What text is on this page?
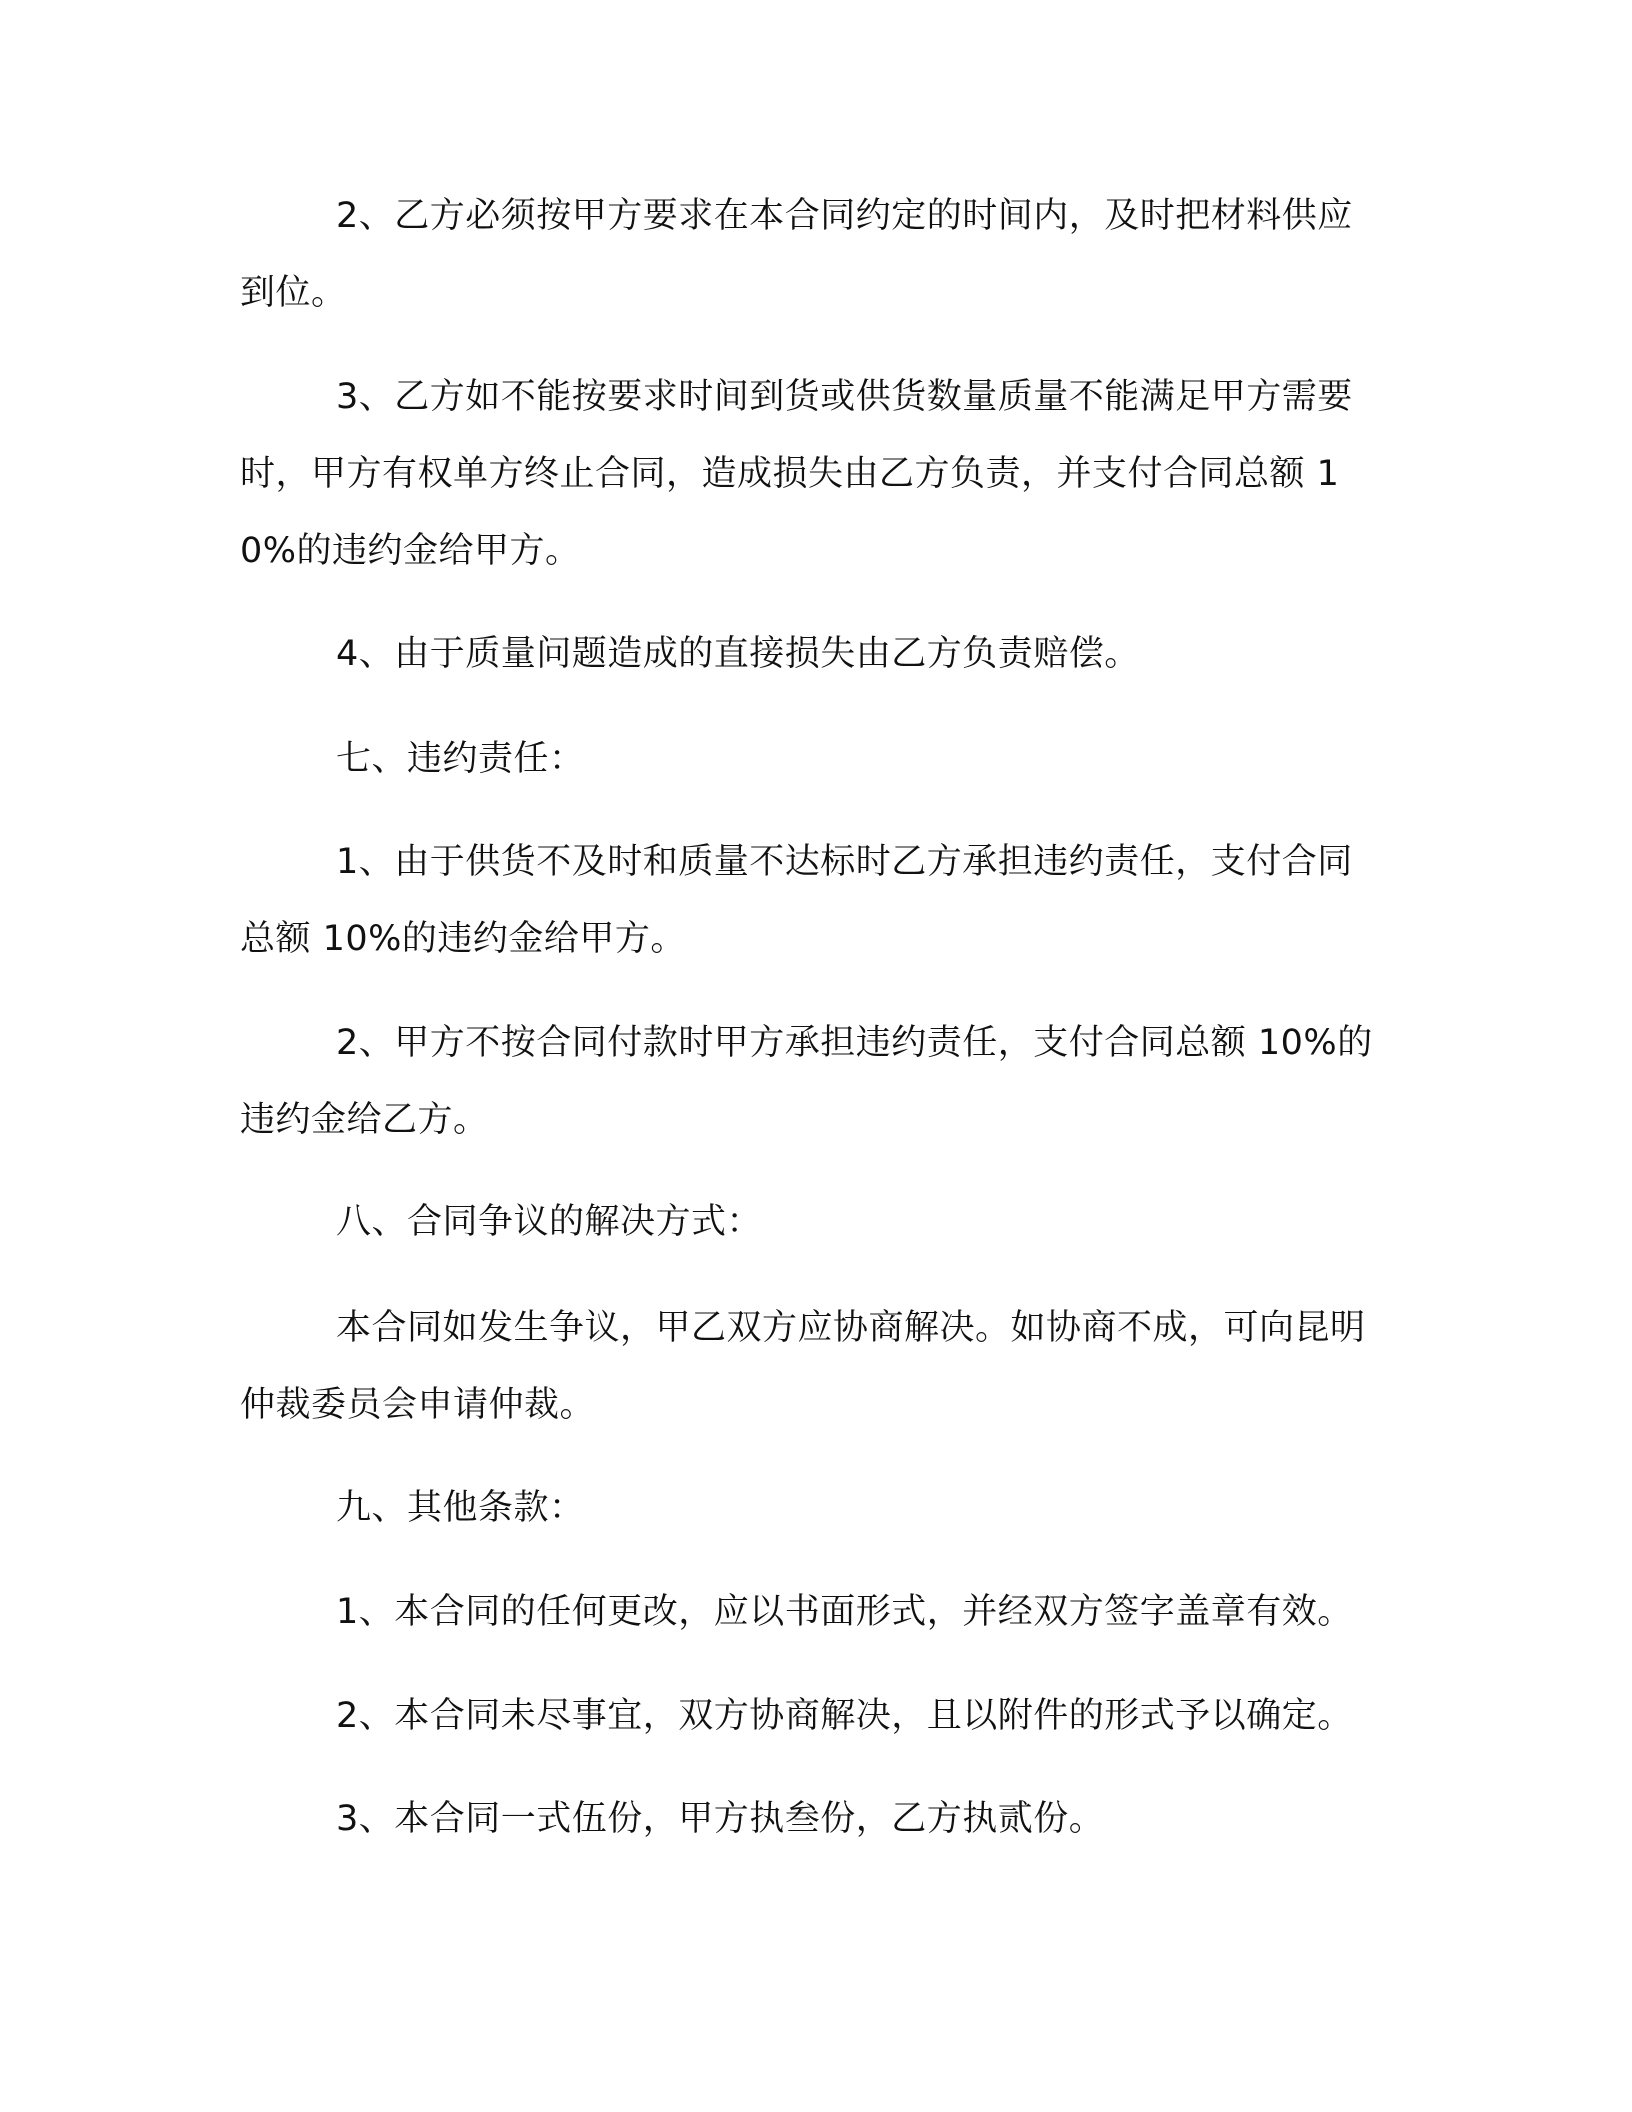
2、乙方必须按甲方要求在本合同约定的时间内，及时把材料供应到位。

3、乙方如不能按要求时间到货或供货数量质量不能满足甲方需要时，甲方有权单方终止合同，造成损失由乙方负责，并支付合同总额 10%的违约金给甲方。

4、由于质量问题造成的直接损失由乙方负责赔偿。

七、违约责任：

1、由于供货不及时和质量不达标时乙方承担违约责任，支付合同总额 10%的违约金给甲方。

2、甲方不按合同付款时甲方承担违约责任，支付合同总额 10%的违约金给乙方。

八、合同争议的解决方式：

本合同如发生争议，甲乙双方应协商解决。如协商不成，可向昆明仲裁委员会申请仲裁。

九、其他条款：

1、本合同的任何更改，应以书面形式，并经双方签字盖章有效。

2、本合同未尽事宜，双方协商解决，且以附件的形式予以确定。

3、本合同一式伍份，甲方执叁份，乙方执贰份。
